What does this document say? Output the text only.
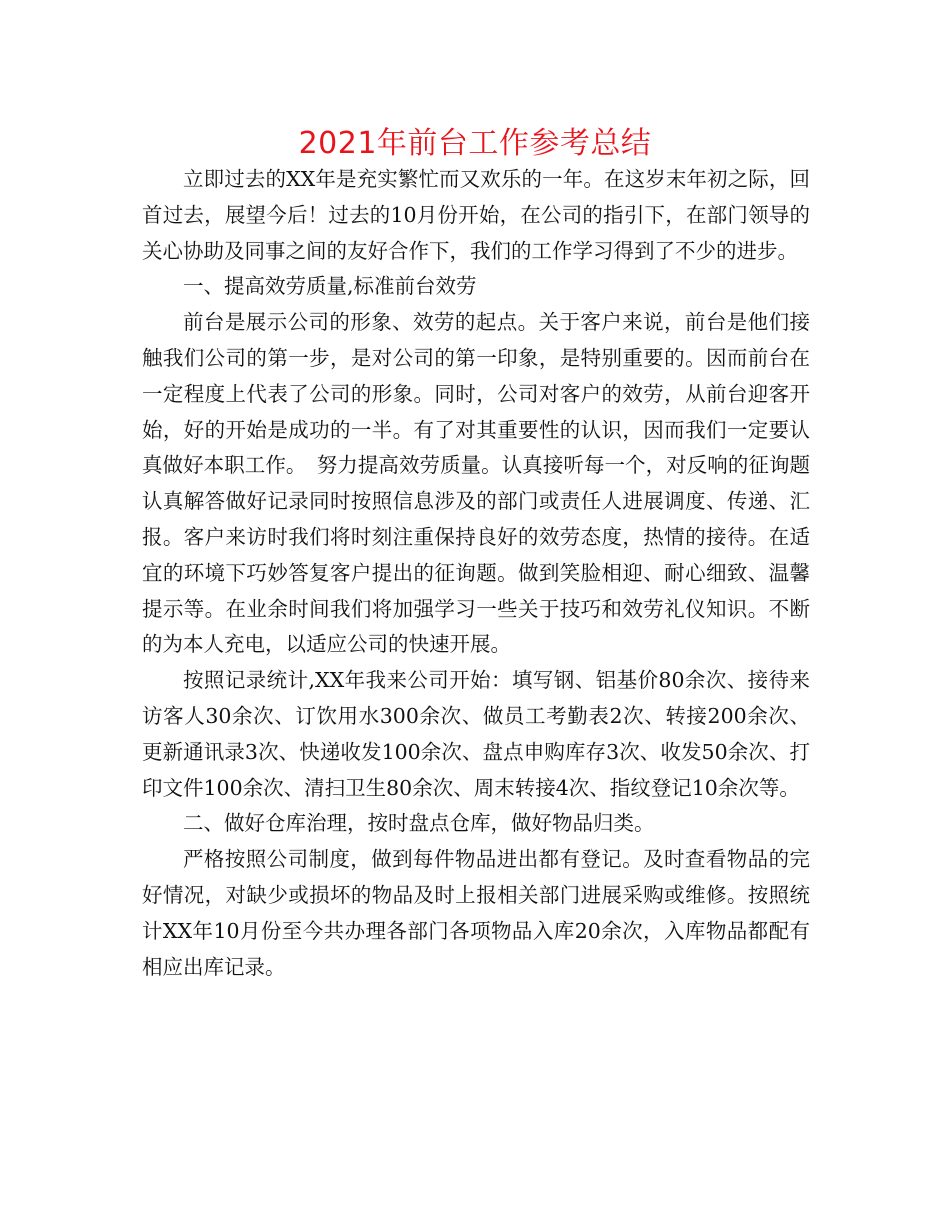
2021年前台工作参考总结

立即过去的XX年是充实繁忙而又欢乐的一年。在这岁末年初之际，回首过去，展望今后！过去的10月份开始，在公司的指引下，在部门领导的关心协助及同事之间的友好合作下，我们的工作学习得到了不少的进步。

一、提高效劳质量,标准前台效劳

前台是展示公司的形象、效劳的起点。关于客户来说，前台是他们接触我们公司的第一步，是对公司的第一印象，是特别重要的。因而前台在一定程度上代表了公司的形象。同时，公司对客户的效劳，从前台迎客开始，好的开始是成功的一半。有了对其重要性的认识，因而我们一定要认真做好本职工作。　努力提高效劳质量。认真接听每一个，对反响的征询题认真解答做好记录同时按照信息涉及的部门或责任人进展调度、传递、汇报。客户来访时我们将时刻注重保持良好的效劳态度，热情的接待。在适宜的环境下巧妙答复客户提出的征询题。做到笑脸相迎、耐心细致、温馨提示等。在业余时间我们将加强学习一些关于技巧和效劳礼仪知识。不断的为本人充电，以适应公司的快速开展。

按照记录统计,XX年我来公司开始：填写钢、铝基价80余次、接待来访客人30余次、订饮用水300余次、做员工考勤表2次、转接200余次、更新通讯录3次、快递收发100余次、盘点申购库存3次、收发50余次、打印文件100余次、清扫卫生80余次、周末转接4次、指纹登记10余次等。

二、做好仓库治理，按时盘点仓库，做好物品归类。

严格按照公司制度，做到每件物品进出都有登记。及时查看物品的完好情况，对缺少或损坏的物品及时上报相关部门进展采购或维修。按照统计XX年10月份至今共办理各部门各项物品入库20余次，入库物品都配有相应出库记录。
